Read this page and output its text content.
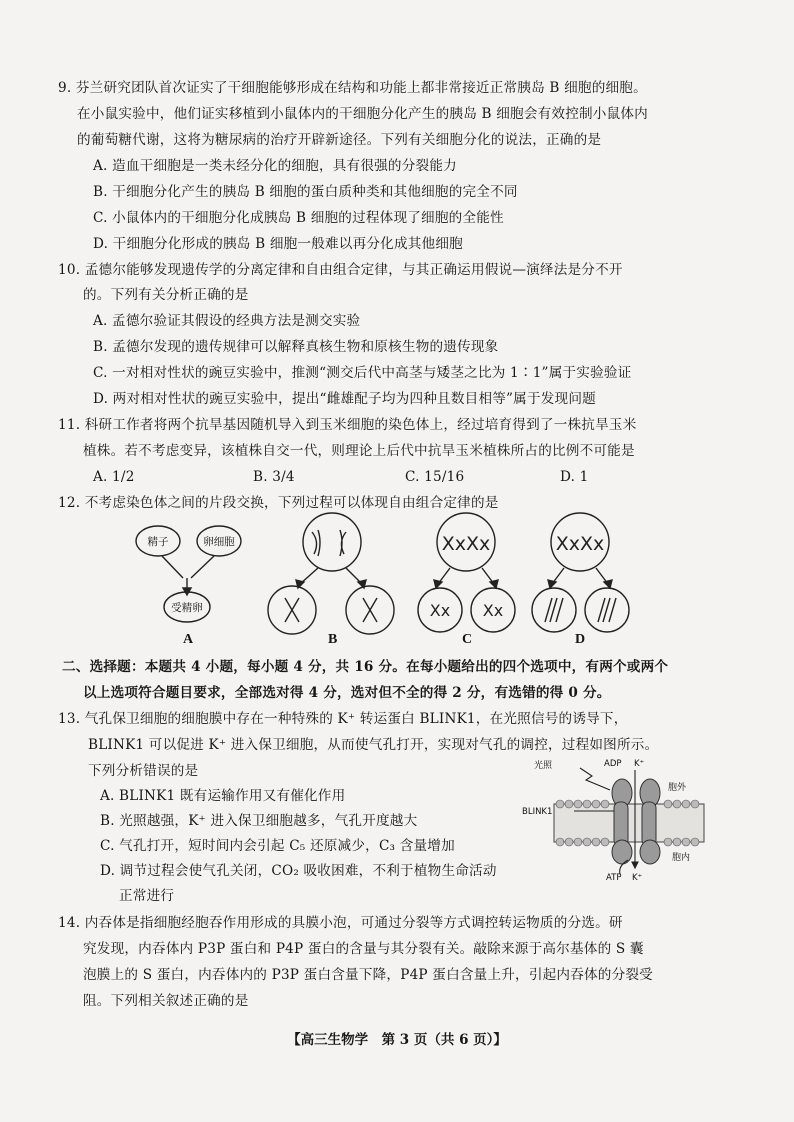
9. 芬兰研究团队首次证实了干细胞能够形成在结构和功能上都非常接近正常胰岛 B 细胞的细胞。
在小鼠实验中，他们证实移植到小鼠体内的干细胞分化产生的胰岛 B 细胞会有效控制小鼠体内
的葡萄糖代谢，这将为糖尿病的治疗开辟新途径。下列有关细胞分化的说法，正确的是
A. 造血干细胞是一类未经分化的细胞，具有很强的分裂能力
B. 干细胞分化产生的胰岛 B 细胞的蛋白质种类和其他细胞的完全不同
C. 小鼠体内的干细胞分化成胰岛 B 细胞的过程体现了细胞的全能性
D. 干细胞分化形成的胰岛 B 细胞一般难以再分化成其他细胞
10. 孟德尔能够发现遗传学的分离定律和自由组合定律，与其正确运用假说—演绎法是分不开
的。下列有关分析正确的是
A. 孟德尔验证其假设的经典方法是测交实验
B. 孟德尔发现的遗传规律可以解释真核生物和原核生物的遗传现象
C. 一对相对性状的豌豆实验中，推测“测交后代中高茎与矮茎之比为 1∶1”属于实验验证
D. 两对相对性状的豌豆实验中，提出“雌雄配子均为四种且数目相等”属于发现问题
11. 科研工作者将两个抗旱基因随机导入到玉米细胞的染色体上，经过培育得到了一株抗旱玉米
植株。若不考虑变异，该植株自交一代，则理论上后代中抗旱玉米植株所占的比例不可能是
A. 1/2	B. 3/4	C. 15/16	D. 1
12. 不考虑染色体之间的片段交换，下列过程可以体现自由组合定律的是
精子	卵细胞
受精卵
XxXx
Xx Xx
XxXx
A	B	C	D
二、选择题：本题共 4 小题，每小题 4 分，共 16 分。在每小题给出的四个选项中，有两个或两个
以上选项符合题目要求，全部选对得 4 分，选对但不全的得 2 分，有选错的得 0 分。
13. 气孔保卫细胞的细胞膜中存在一种特殊的 K⁺ 转运蛋白 BLINK1，在光照信号的诱导下，
BLINK1 可以促进 K⁺ 进入保卫细胞，从而使气孔打开，实现对气孔的调控，过程如图所示。
下列分析错误的是
A. BLINK1 既有运输作用又有催化作用
B. 光照越强，K⁺ 进入保卫细胞越多，气孔开度越大
C. 气孔打开，短时间内会引起 C₅ 还原减少，C₃ 含量增加
D. 调节过程会使气孔关闭，CO₂ 吸收困难，不利于植物生命活动
正常进行
光照	ADP K⁺
BLINK1
胞外
胞内
ATP K⁺
14. 内吞体是指细胞经胞吞作用形成的具膜小泡，可通过分裂等方式调控转运物质的分选。研
究发现，内吞体内 P3P 蛋白和 P4P 蛋白的含量与其分裂有关。敲除来源于高尔基体的 S 囊
泡膜上的 S 蛋白，内吞体内的 P3P 蛋白含量下降，P4P 蛋白含量上升，引起内吞体的分裂受
阻。下列相关叙述正确的是
【高三生物学　第 3 页（共 6 页）】
